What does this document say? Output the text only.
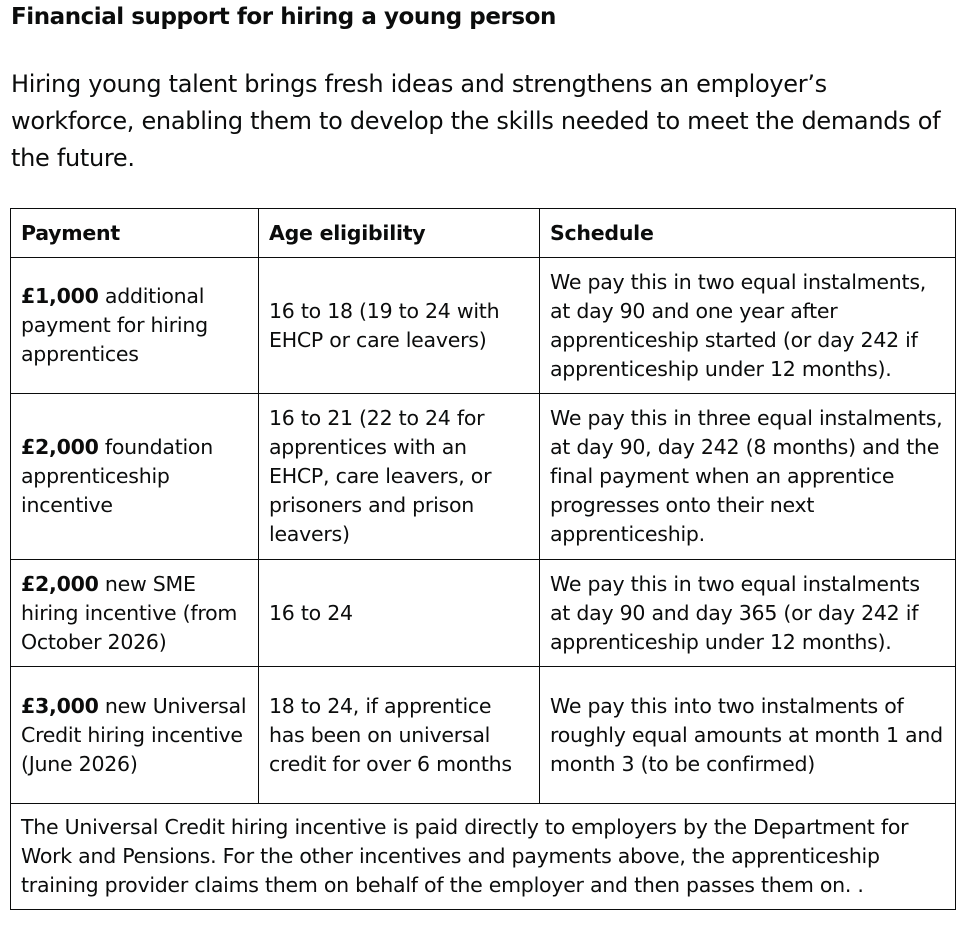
Financial support for hiring a young person

Hiring young talent brings fresh ideas and strengthens an employer’s workforce, enabling them to develop the skills needed to meet the demands of the future.

Payment	Age eligibility	Schedule
£1,000 additional payment for hiring apprentices	16 to 18 (19 to 24 with EHCP or care leavers)	We pay this in two equal instalments, at day 90 and one year after apprenticeship started (or day 242 if apprenticeship under 12 months).
£2,000 foundation apprenticeship incentive	16 to 21 (22 to 24 for apprentices with an EHCP, care leavers, or prisoners and prison leavers)	We pay this in three equal instalments, at day 90, day 242 (8 months) and the final payment when an apprentice progresses onto their next apprenticeship.
£2,000 new SME hiring incentive (from October 2026)	16 to 24	We pay this in two equal instalments at day 90 and day 365 (or day 242 if apprenticeship under 12 months).
£3,000 new Universal Credit hiring incentive (June 2026)	18 to 24, if apprentice has been on universal credit for over 6 months	We pay this into two instalments of roughly equal amounts at month 1 and month 3 (to be confirmed)
The Universal Credit hiring incentive is paid directly to employers by the Department for Work and Pensions. For the other incentives and payments above, the apprenticeship training provider claims them on behalf of the employer and then passes them on. .		
